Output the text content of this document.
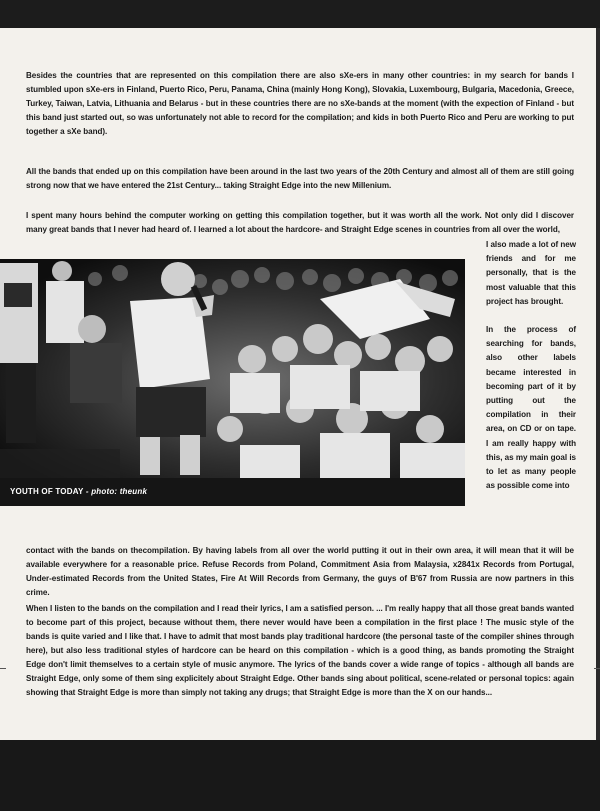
Besides the countries that are represented on this compilation there are also sXe-ers in many other countries: in my search for bands I stumbled upon sXe-ers in Finland, Puerto Rico, Peru, Panama, China (mainly Hong Kong), Slovakia, Luxembourg, Bulgaria, Macedonia, Greece, Turkey, Taiwan, Latvia, Lithuania and Belarus - but in these countries there are no sXe-bands at the moment (with the expection of Finland - but this band just started out, so was unfortunately not able to record for the compilation; and kids in both Puerto Rico and Peru are working to put together a sXe band).

All the bands that ended up on this compilation have been around in the last two years of the 20th Century and almost all of them are still going strong now that we have entered the 21st Century... taking Straight Edge into the new Millenium.

I spent many hours behind the computer working on getting this compilation together, but it was worth all the work. Not only did I discover many great bands that I never had heard of. I learned a lot about the hardcore- and Straight Edge scenes in countries from all over the world,

YOUTH OF TODAY - photo: theunk

I also made a lot of new friends and for me personally, that is the most valuable that this project has brought.

In the process of searching for bands, also other labels became interested in becoming part of it by putting out the compilation in their area, on CD or on tape. I am really happy with this, as my main goal is to let as many people as possible come into

contact with the bands on thecompilation. By having labels from all over the world putting it out in their own area, it will mean that it will be available everywhere for a reasonable price. Refuse Records from Poland, Commitment Asia from Malaysia, x2841x Records from Portugal, Under-estimated Records from the United States, Fire At Will Records from Germany, the guys of B'67 from Russia are now partners in this crime.

When I listen to the bands on the compilation and I read their lyrics, I am a satisfied person. ... I'm really happy that all those great bands wanted to become part of this project, because without them, there never would have been a compilation in the first place ! The music style of the bands is quite varied and I like that. I have to admit that most bands play traditional hardcore (the personal taste of the compiler shines through here), but also less traditional styles of hardcore can be heard on this compilation - which is a good thing, as bands promoting the Straight Edge don't limit themselves to a certain style of music anymore. The lyrics of the bands cover a wide range of topics - although all bands are Straight Edge, only some of them sing explicitely about Straight Edge. Other bands sing about political, scene-related or personal topics: again showing that Straight Edge is more than simply not taking any drugs; that Straight Edge is more than the X on our hands...
